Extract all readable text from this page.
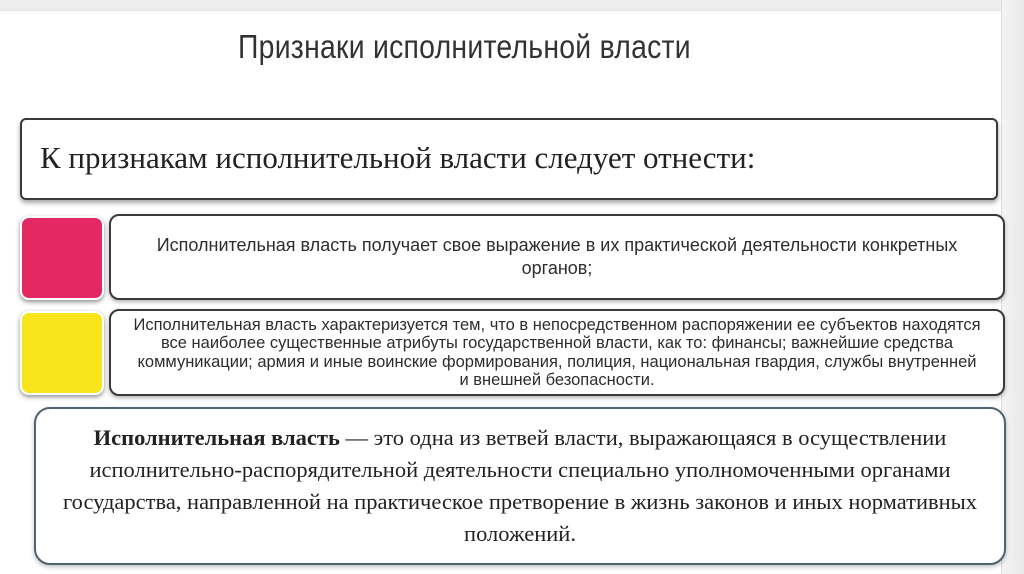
Признаки исполнительной власти
К признакам исполнительной власти следует отнести:
Исполнительная власть получает свое выражение в их практической деятельности конкретных органов;
Исполнительная власть характеризуется тем, что в непосредственном распоряжении ее субъектов находятся все наиболее существенные атрибуты государственной власти, как то: финансы; важнейшие средства коммуникации; армия и иные воинские формирования, полиция, национальная гвардия, службы внутренней и внешней безопасности.

Исполнительная власть — это одна из ветвей власти, выражающаяся в осуществлении исполнительно-распорядительной деятельности специально уполномоченными органами государства, направленной на практическое претворение в жизнь законов и иных нормативных положений.
